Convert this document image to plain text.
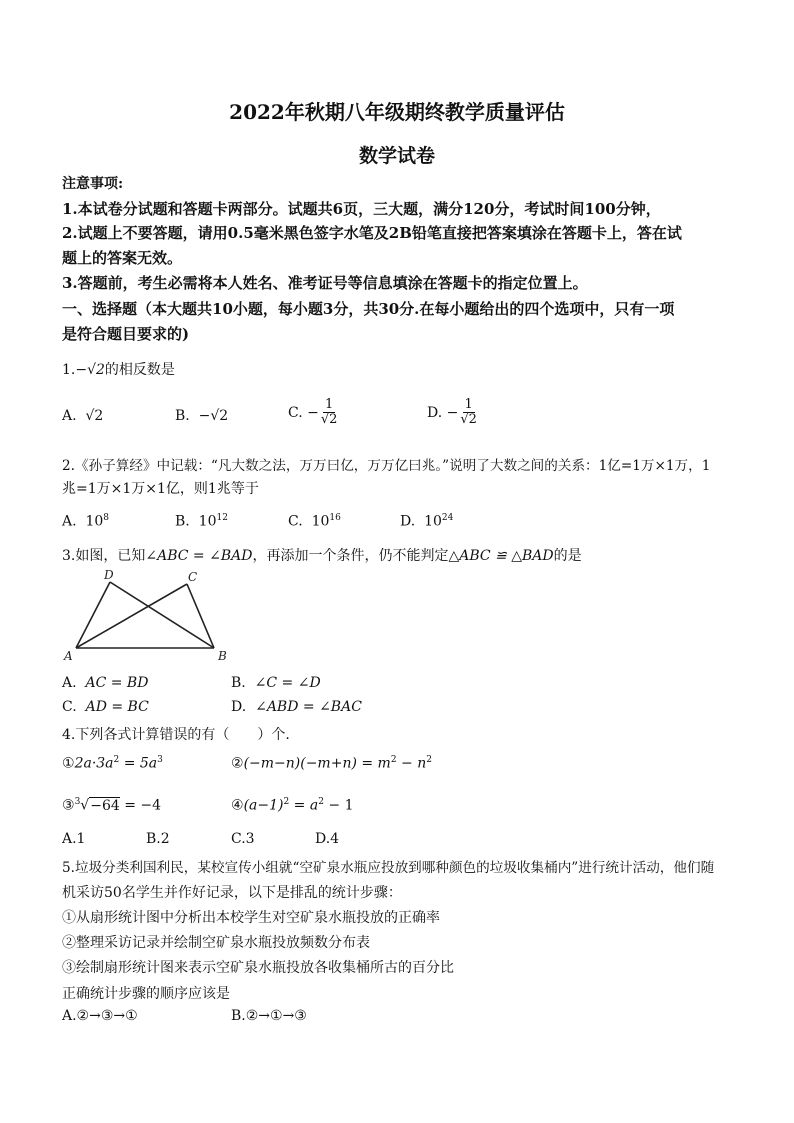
2022年秋期八年级期终教学质量评估
数学试卷
注意事项:
1.本试卷分试题和答题卡两部分。试题共6页，三大题，满分120分，考试时间100分钟，
2.试题上不要答题，请用0.5毫米黑色签字水笔及2B铅笔直接把答案填涂在答题卡上，答在试
题上的答案无效。
3.答题前，考生必需将本人姓名、准考证号等信息填涂在答题卡的指定位置上。
一、选择题（本大题共10小题，每小题3分，共30分.在每小题给出的四个选项中，只有一项
是符合题目要求的)
1.−√2的相反数是
A. √2	B. −√2	C. − $\frac{1}{√2}$	D. − $\frac{1}{√2}$
2.《孙子算经》中记载：“凡大数之法，万万曰亿，万万亿曰兆。”说明了大数之间的关系：1亿=1万×1万，1
兆=1万×1万×1亿，则1兆等于
A. $10^8$	B. $10^{12}$	C. $10^{16}$	D. $10^{24}$
3.如图，已知∠ABC = ∠BAD，再添加一个条件，仍不能判定△ABC ≌ △BAD的是
A	B
C
D
A. AC = BD	B. ∠C = ∠D
C. AD = BC	D. ∠ABD = ∠BAC
4.下列各式计算错误的有（　　）个.
$①2a\cdot 3a^2 = 5a^3$	②(−m−n)(−m+n) = $m^2 - n^2$
③$^3$√−64 = −4	$④(a-1)^2 = a^2 - 1$
A.1	B.2	C.3	D.4
5.垃圾分类利国利民，某校宣传小组就“空矿泉水瓶应投放到哪种颜色的垃圾收集桶内”进行统计活动，他们随
机采访50名学生并作好记录，以下是排乱的统计步骤：
①从扇形统计图中分析出本校学生对空矿泉水瓶投放的正确率
②整理采访记录并绘制空矿泉水瓶投放频数分布表
③绘制扇形统计图来表示空矿泉水瓶投放各收集桶所古的百分比
正确统计步骤的顺序应该是
A.②→③→①	B.②→①→③
